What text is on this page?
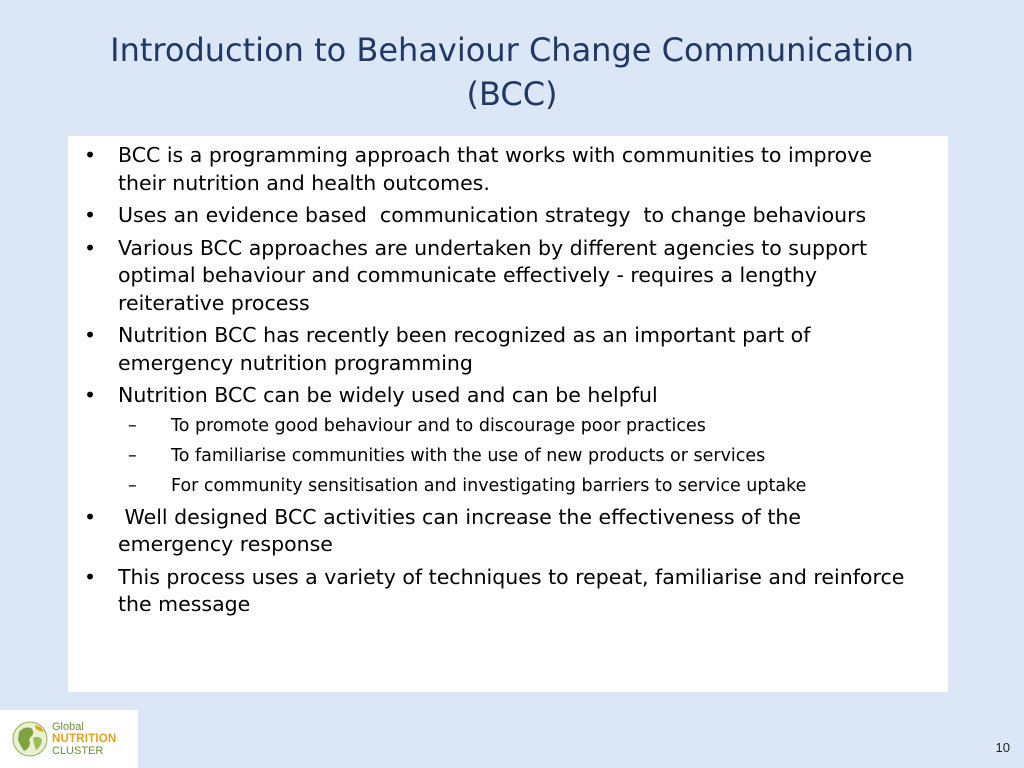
Introduction to Behaviour Change Communication
(BCC)
• BCC is a programming approach that works with communities to improve their nutrition and health outcomes.
• Uses an evidence based  communication strategy  to change behaviours
• Various BCC approaches are undertaken by different agencies to support optimal behaviour and communicate effectively - requires a lengthy reiterative process
• Nutrition BCC has recently been recognized as an important part of emergency nutrition programming
• Nutrition BCC can be widely used and can be helpful
–	To promote good behaviour and to discourage poor practices
–	To familiarise communities with the use of new products or services
–	For community sensitisation and investigating barriers to service uptake
• Well designed BCC activities can increase the effectiveness of the emergency response
• This process uses a variety of techniques to repeat, familiarise and reinforce the message
Global
NUTRITION
CLUSTER	10
